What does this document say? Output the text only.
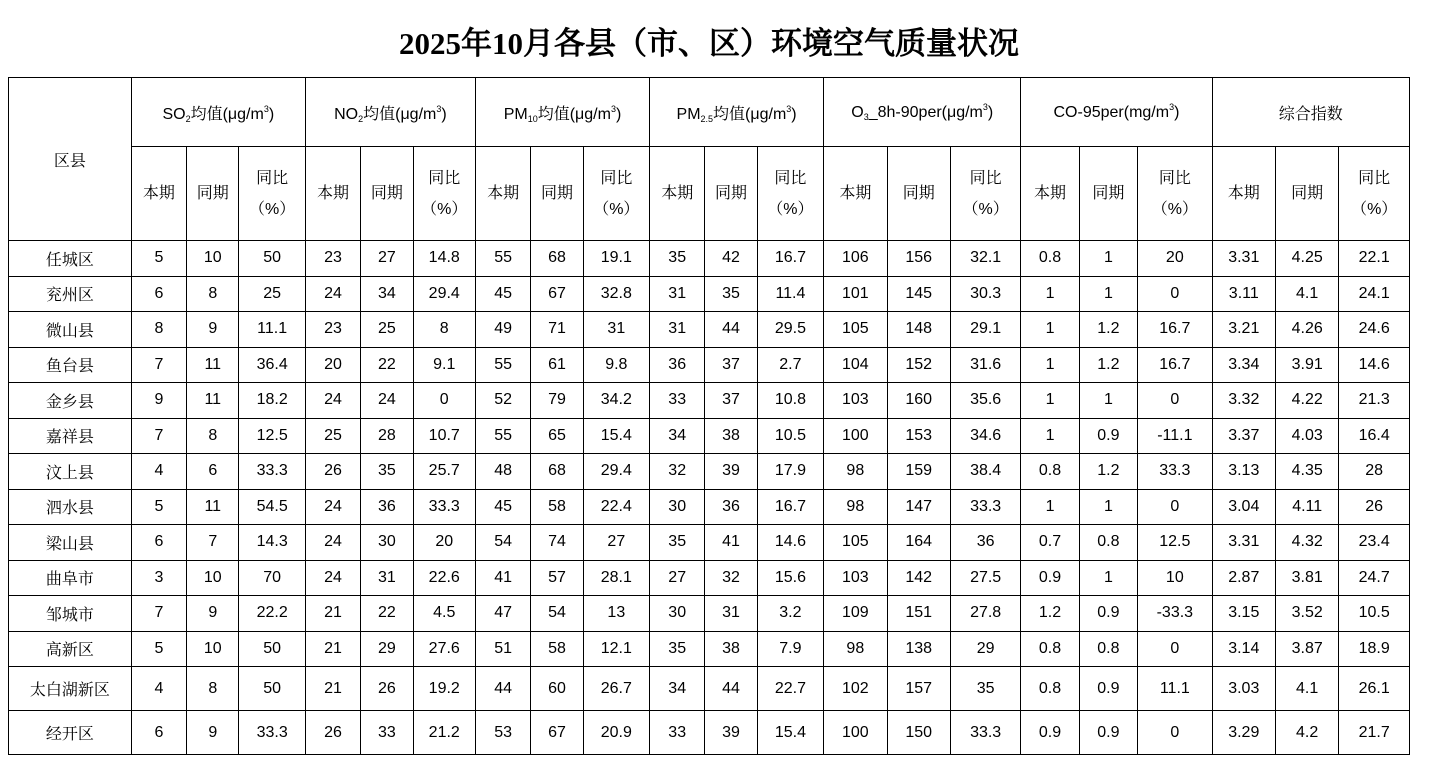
2025年10月各县（市、区）环境空气质量状况
区县	$SO_2$均值$(\mu g/m^3)$			$NO_2$均值$(\mu g/m^3)$			$PM_{10}$均值$(\mu g/m^3)$			$PM_{2.5}$均值$(\mu g/m^3)$			$O_3\_8h-90per(\mu g/m^3)$			$CO-95per(mg/m^3)$			综合指数		
	本期	同期	同比（%）	本期	同期	同比（%）	本期	同期	同比（%）	本期	同期	同比（%）	本期	同期	同比（%）	本期	同期	同比（%）	本期	同期	同比（%）
任城区	5	10	50	23	27	14.8	55	68	19.1	35	42	16.7	106	156	32.1	0.8	1	20	3.31	4.25	22.1
兖州区	6	8	25	24	34	29.4	45	67	32.8	31	35	11.4	101	145	30.3	1	1	0	3.11	4.1	24.1
微山县	8	9	11.1	23	25	8	49	71	31	31	44	29.5	105	148	29.1	1	1.2	16.7	3.21	4.26	24.6
鱼台县	7	11	36.4	20	22	9.1	55	61	9.8	36	37	2.7	104	152	31.6	1	1.2	16.7	3.34	3.91	14.6
金乡县	9	11	18.2	24	24	0	52	79	34.2	33	37	10.8	103	160	35.6	1	1	0	3.32	4.22	21.3
嘉祥县	7	8	12.5	25	28	10.7	55	65	15.4	34	38	10.5	100	153	34.6	1	0.9	-11.1	3.37	4.03	16.4
汶上县	4	6	33.3	26	35	25.7	48	68	29.4	32	39	17.9	98	159	38.4	0.8	1.2	33.3	3.13	4.35	28
泗水县	5	11	54.5	24	36	33.3	45	58	22.4	30	36	16.7	98	147	33.3	1	1	0	3.04	4.11	26
梁山县	6	7	14.3	24	30	20	54	74	27	35	41	14.6	105	164	36	0.7	0.8	12.5	3.31	4.32	23.4
曲阜市	3	10	70	24	31	22.6	41	57	28.1	27	32	15.6	103	142	27.5	0.9	1	10	2.87	3.81	24.7
邹城市	7	9	22.2	21	22	4.5	47	54	13	30	31	3.2	109	151	27.8	1.2	0.9	-33.3	3.15	3.52	10.5
高新区	5	10	50	21	29	27.6	51	58	12.1	35	38	7.9	98	138	29	0.8	0.8	0	3.14	3.87	18.9
太白湖新区	4	8	50	21	26	19.2	44	60	26.7	34	44	22.7	102	157	35	0.8	0.9	11.1	3.03	4.1	26.1
经开区	6	9	33.3	26	33	21.2	53	67	20.9	33	39	15.4	100	150	33.3	0.9	0.9	0	3.29	4.2	21.7
